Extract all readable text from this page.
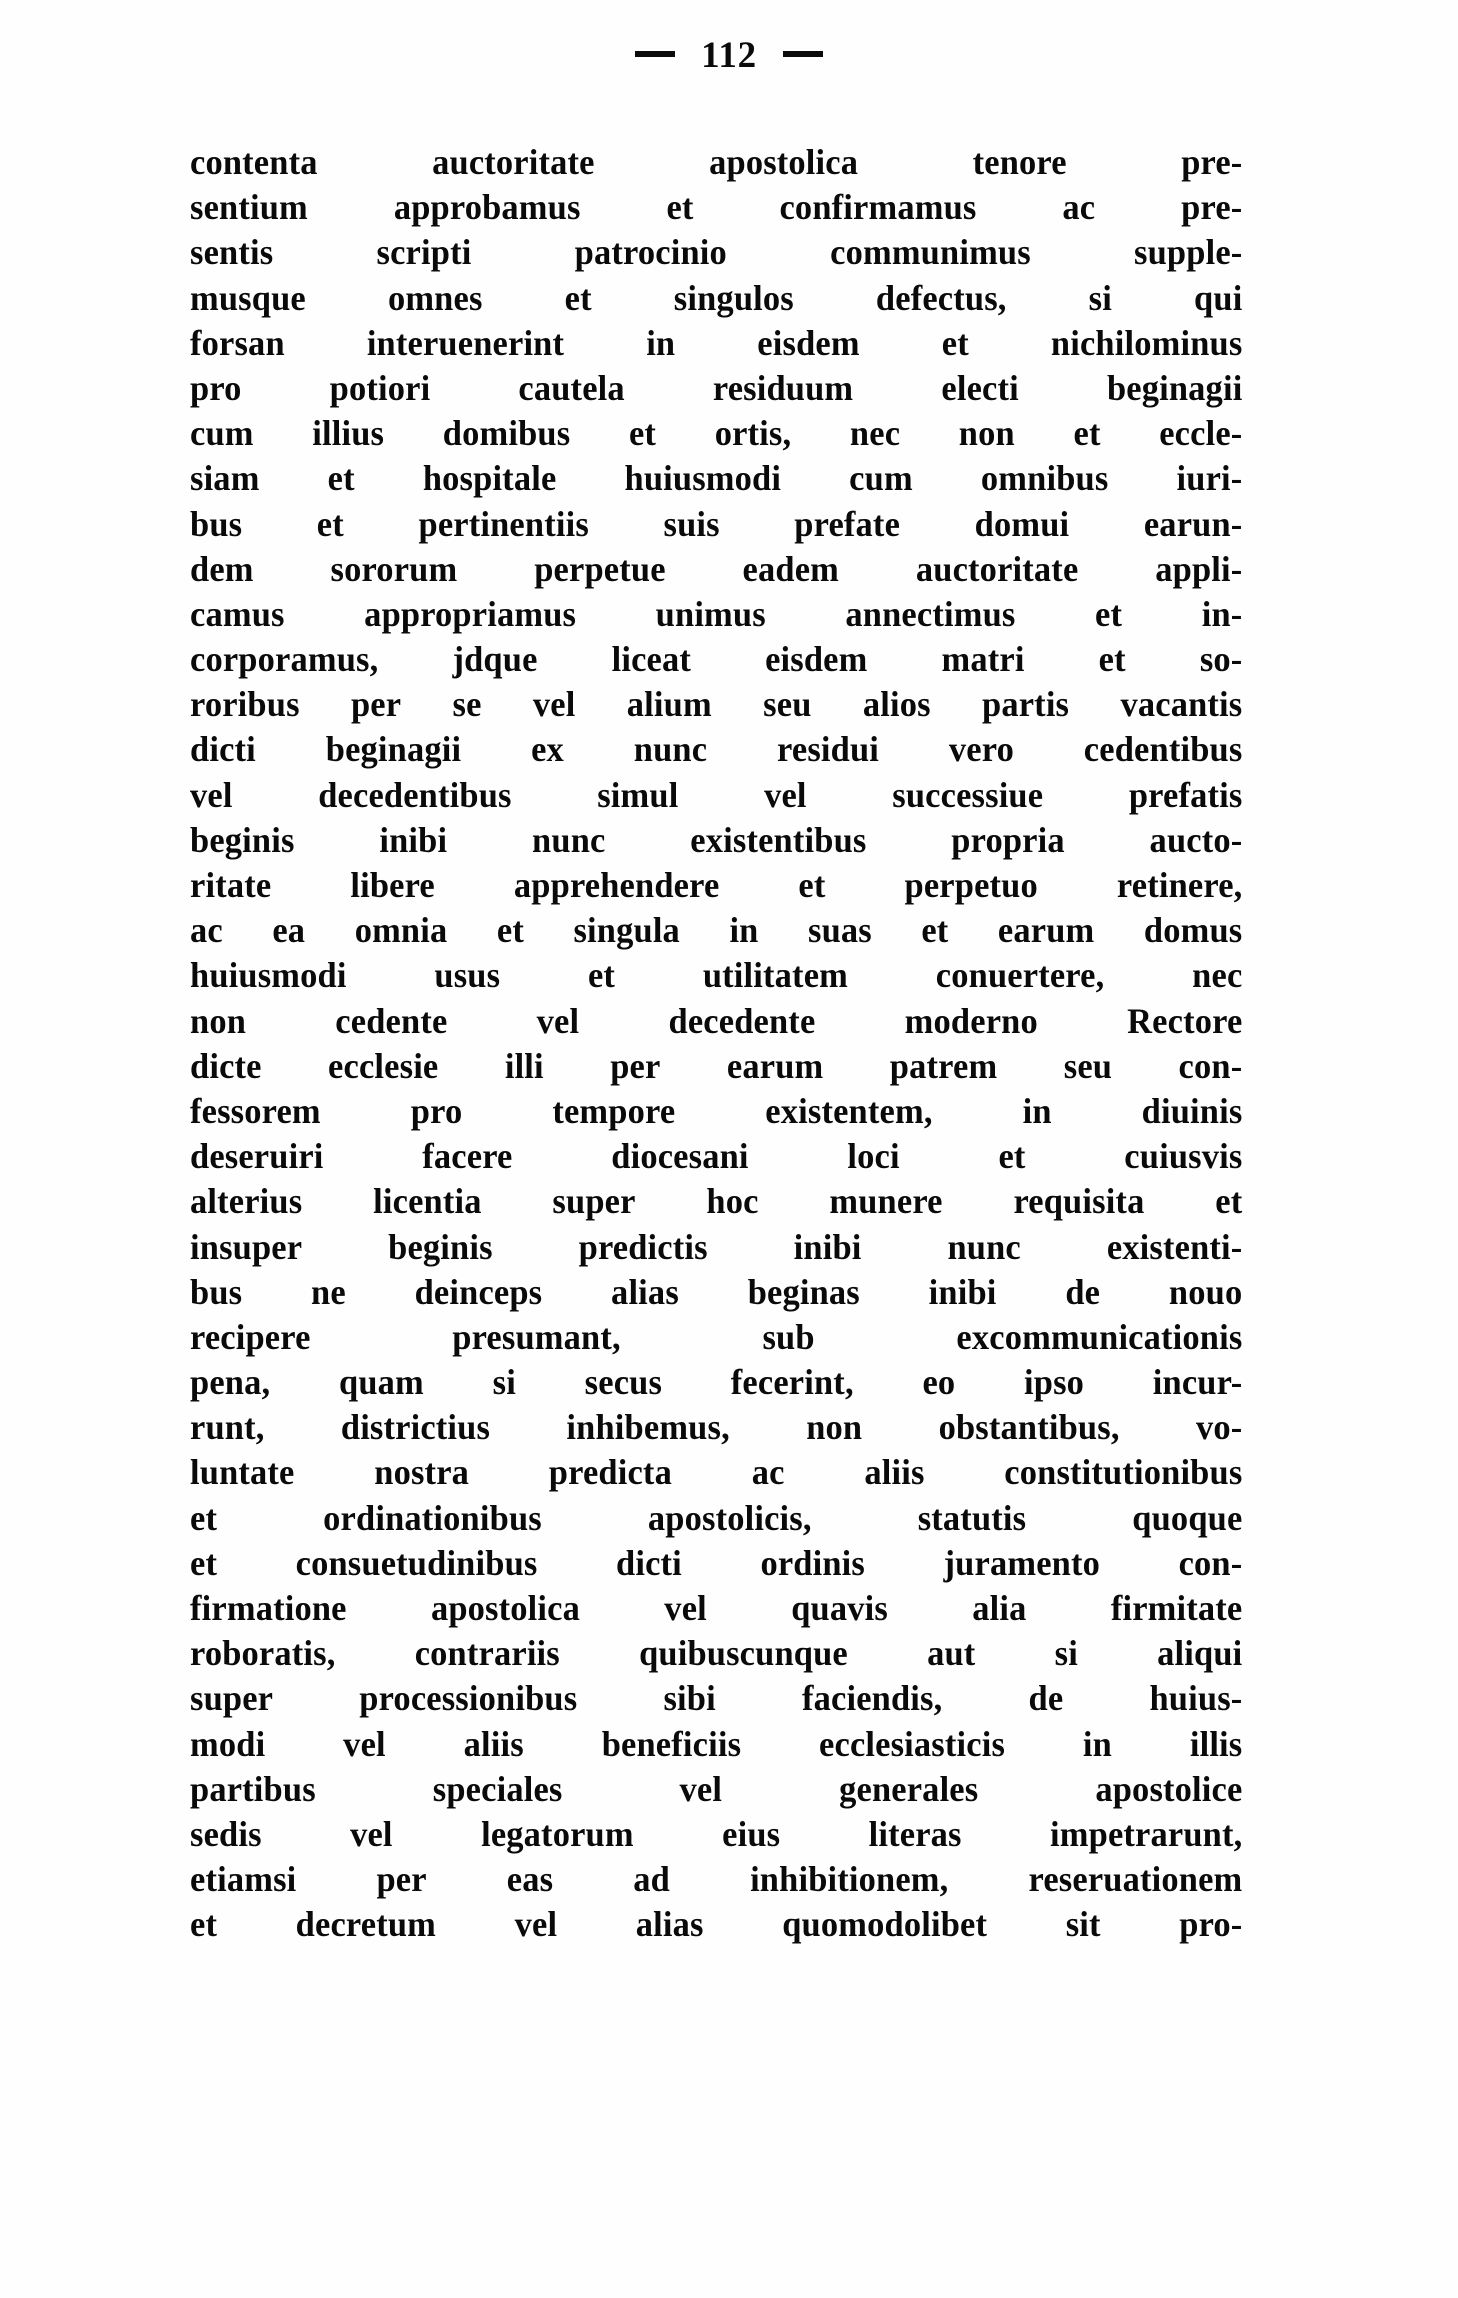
112
contenta	auctoritate	apostolica	tenore	pre-
sentium approbamus et confirmamus ac pre-
sentis	scripti	patrocinio	communimus	supple-
musque omnes et singulos defectus, si qui
forsan interuenerint in eisdem et nichilominus
pro potiori cautela residuum electi beginagii
cum illius domibus et ortis, nec non et eccle-
siam et hospitale huiusmodi cum omnibus iuri-
bus et pertinentiis suis prefate domui earun-
dem sororum perpetue eadem auctoritate appli-
camus appropriamus unimus annectimus et in-
corporamus, jdque liceat eisdem matri et so-
roribus per se vel alium seu alios partis vacantis
dicti beginagii ex nunc residui vero cedentibus
vel decedentibus simul vel successiue prefatis
beginis inibi nunc existentibus propria aucto-
ritate libere apprehendere et perpetuo retinere,
ac ea omnia et singula in suas et earum domus
huiusmodi usus et utilitatem conuertere, nec
non	cedente	vel	decedente	moderno	Rectore
dicte ecclesie illi per earum patrem seu con-
fessorem	pro	tempore	existentem,	in	diuinis
deseruiri	facere	diocesani	loci	et	cuiusvis
alterius licentia super hoc munere requisita et
insuper beginis predictis inibi nunc existenti-
bus ne deinceps alias beginas inibi de nouo
recipere	presumant,	sub	excommunicationis
pena, quam si secus fecerint, eo ipso incur-
runt, districtius inhibemus, non obstantibus, vo-
luntate nostra predicta ac aliis constitutionibus
et	ordinationibus	apostolicis,	statutis	quoque
et consuetudinibus dicti ordinis juramento con-
firmatione apostolica vel quavis alia firmitate
roboratis, contrariis quibuscunque aut si aliqui
super processionibus sibi faciendis, de huius-
modi vel aliis beneficiis ecclesiasticis in illis
partibus	speciales	vel	generales	apostolice
sedis vel legatorum eius literas impetrarunt,
etiamsi per eas ad inhibitionem, reseruationem
et decretum vel alias quomodolibet sit pro-
